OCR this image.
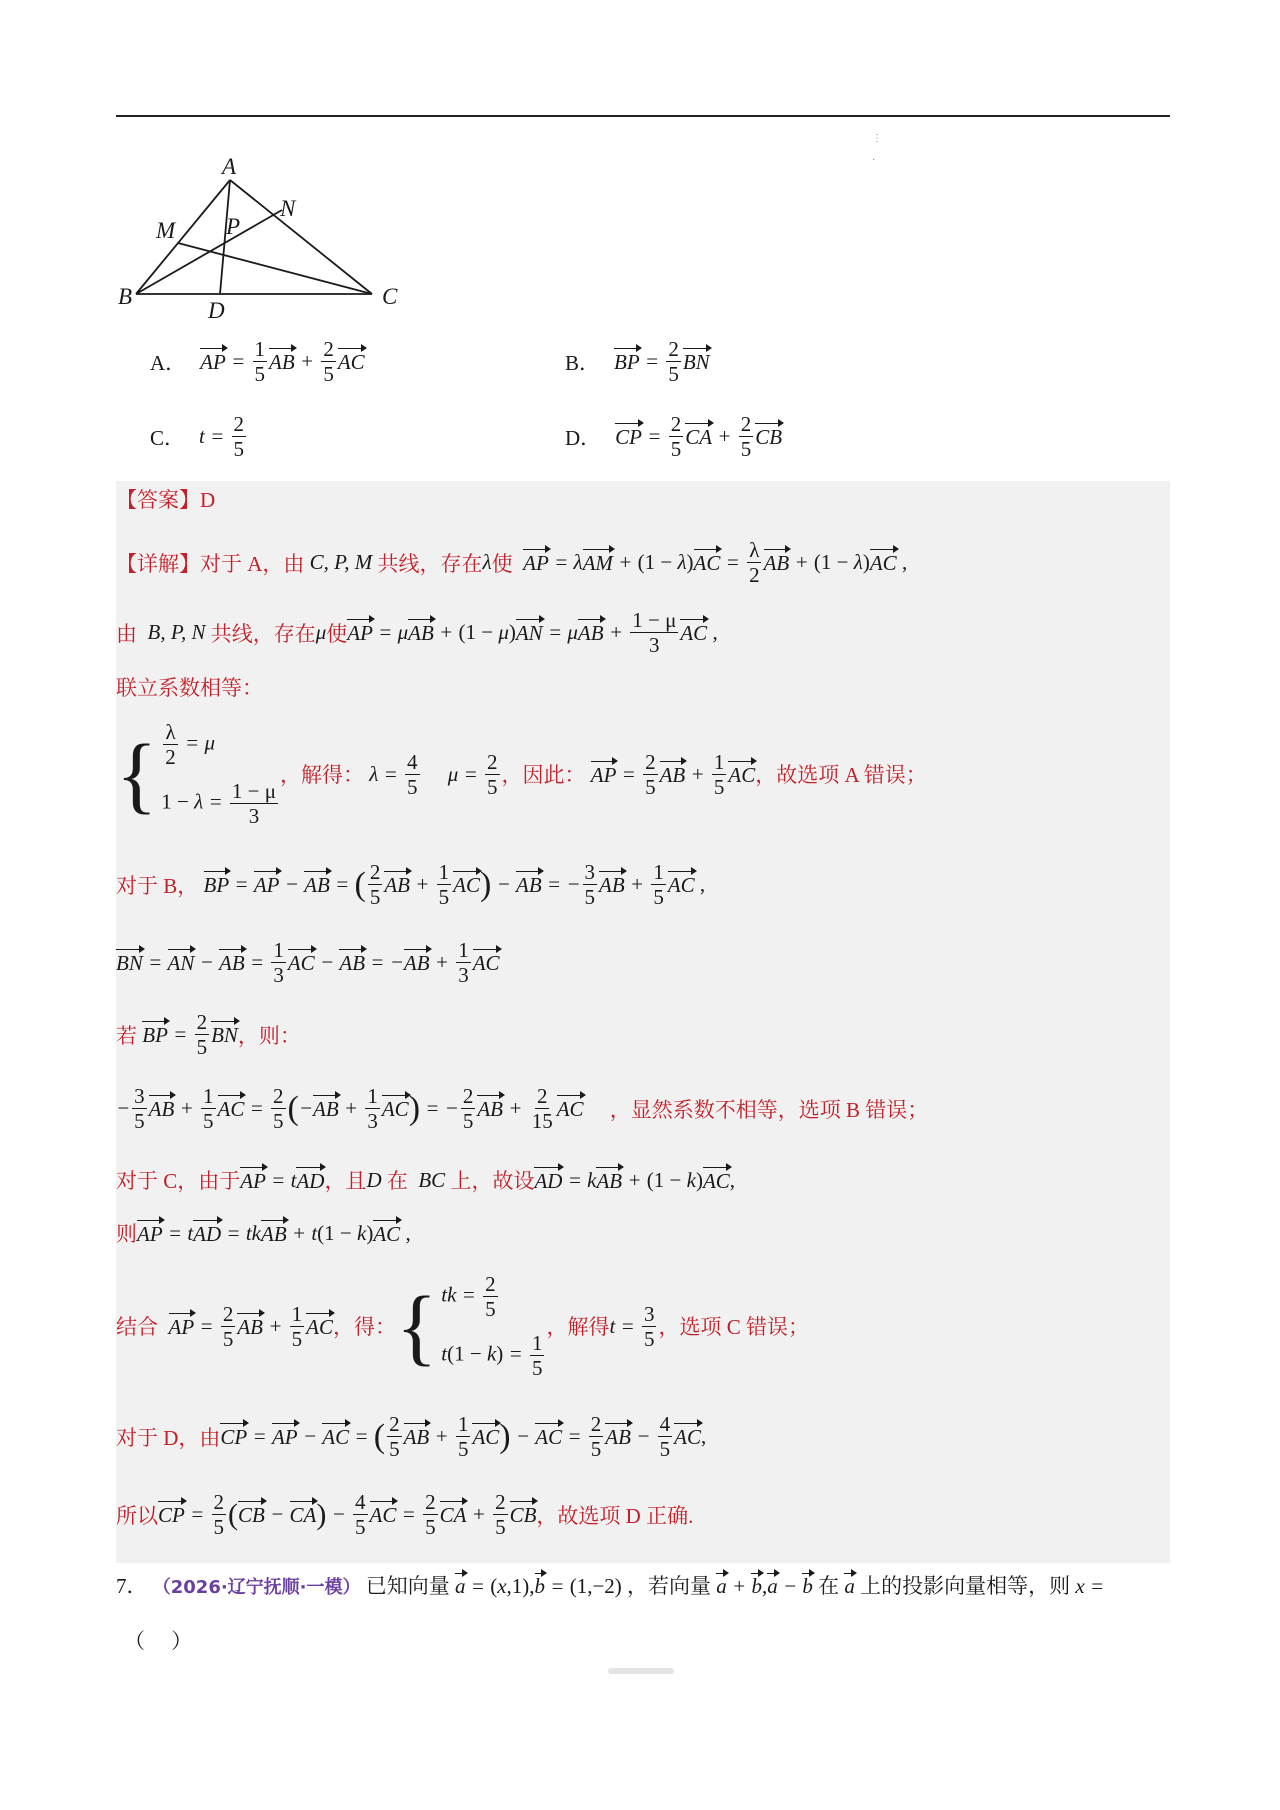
⋮

·
A
B	C
D
M
N
P
A． AP = $\frac{1}{5}$ AB + $\frac{2}{5}$ AC	B． BP = $\frac{2}{5}$ BN
C． $t = \frac{2}{5}$	D． CP = $\frac{2}{5}$ CA + $\frac{2}{5}$ CB
【答案】D
【详解】 对于 A，由 C, P, M 共线，存在 λ 使
AP = λ AM + (1 − λ ) AC = $\frac{\lambda}{2}$ AB + (1 − λ ) AC ,
由 B, P, N 共线，存在 μ 使 AP = μ AB + (1 − μ ) AN = μ AB + $\frac{1 - \mu}{3}$ AC ,
联立系数相等：
{ $\frac{\lambda}{2} = \mu$
$1 - \lambda = \frac{1 - \mu}{3}$
，解得： $\lambda = \frac{4}{5}$ $\mu = \frac{2}{5}$ ，因此：
AP = $\frac{2}{5}$ AB + $\frac{1}{5}$ AC ，故选项 A 错误；
对于 B，
BP = AP − AB = ( $\frac{2}{5}$ AB + $\frac{1}{5}$ AC ) − AB = − $\frac{3}{5}$ AB + $\frac{1}{5}$ AC ,
BN = AN − AB = $\frac{1}{3}$ AC − AB = − AB + $\frac{1}{3}$ AC
若
BP = $\frac{2}{5}$ BN ，则：
− $\frac{3}{5}$ AB + $\frac{1}{5}$ AC = $\frac{2}{5}$ ( − AB + $\frac{1}{3}$ AC ) = − $\frac{2}{5}$ AB + $\frac{2}{15}$ AC
，显然系数不相等，选项 B 错误；
对于 C，由于 AP = t AD ，且 D 在 BC 上，故设 AD = k AB + (1 − k ) AC ,
则 AP = t AD = tk AB + t (1 − k ) AC ,
结合
AP = $\frac{2}{5}$ AB + $\frac{1}{5}$ AC ，得： { tk = $\frac{2}{5}$
$t(1 - k) = \frac{1}{5}$
，解得 $t = \frac{3}{5}$ ，选项 C 错误；
对于 D，由 CP = AP − AC = ( $\frac{2}{5}$ AB + $\frac{1}{5}$ AC ) − AC = $\frac{2}{5}$ AB − $\frac{4}{5}$ AC ,
所以 CP = $\frac{2}{5}$ ( CB − CA ) − $\frac{4}{5}$ AC = $\frac{2}{5}$ CA + $\frac{2}{5}$ CB ，故选项 D 正确.
7． （2026·辽宁抚顺·一模） 已知向量 a = ( x ,1), b = (1,−2) ，若向量 a + b , a − b 在 a 上的投影向量相等，则 x =
（　 ）
